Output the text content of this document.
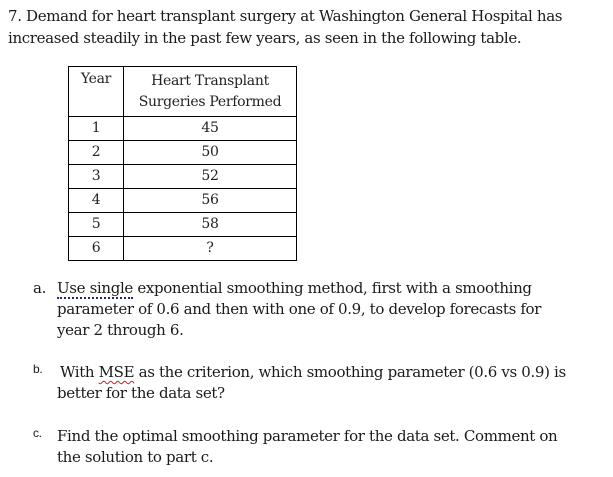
7. Demand for heart transplant surgery at Washington General Hospital has increased steadily in the past few years, as seen in the following table.
Year	Heart Transplant Surgeries Performed
1	45
2	50
3	52
4	56
5	58
6	?
a. Use single exponential smoothing method, first with a smoothing parameter of 0.6 and then with one of 0.9, to develop forecasts for year 2 through 6.
b. With MSE as the criterion, which smoothing parameter (0.6 vs 0.9) is better for the data set?
c. Find the optimal smoothing parameter for the data set. Comment on the solution to part c.
